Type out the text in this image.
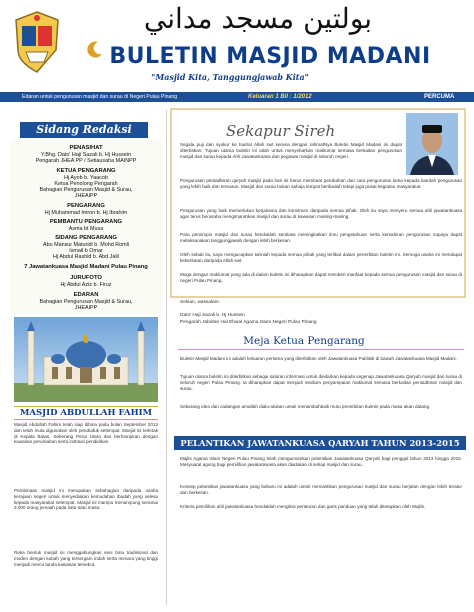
بولتين مسجد مداني
BULETIN MASJID MADANI
"Masjid Kita, Tanggungjawab Kita"
Edaran untuk pengurusan masjid dan surau di Negeri Pulau Pinang	Keluaran 1 Bil : 1/2012	PERCUMA
Sidang Redaksi
PENASIHAT
Y.Bhg. Dato' Haji Sazali b. Hj Hussein
Pengarah JHEA PP / Setiausaha MAINPP
KETUA PENGARANG
Hj Ayob b. Yaacob
Ketua Penolong Pengarah
Bahagian Pengurusan Masjid & Surau,
JHEAIPP
PENGARANG
Hj Muhammad Imron b. Hj Ibrahim
PEMBANTU PENGARANG
Asma bt Musa
SIDANG PENGARANG
Abu Mansur Maturidi b. Mohd Romli
Ismail b Omar
Hj Abdul Rashid b. Abd Jalil
7 Jawatankuasa Masjid Madani Pulau Pinang
JURUFOTO
Hj Abdul Aziz b. Firuz
EDARAN
Bahagian Pengurusan Masjid & Surau,
JHEAIPP
MASJID ABDULLAH FAHIM
Masjid Abdullah Fahim telah siap dibina pada bulan September 2012 dan telah mula digunakan oleh penduduk setempat. Masjid ini terletak di Kepala Batas, Seberang Perai Utara dan berhampiran dengan kawasan perumahan serta institusi pendidikan.
Pembinaan masjid ini merupakan sebahagian daripada usaha kerajaan negeri untuk menyediakan kemudahan ibadah yang selesa kepada masyarakat setempat. Masjid ini mampu menampung seramai 3,000 orang jemaah pada satu-satu masa.
Reka bentuk masjid ini menggabungkan seni bina tradisional dan moden dengan kubah yang tersergam indah serta menara yang tinggi menjadi mercu tanda kawasan tersebut.
Sekapur Sireh
Segala puji dan syukur ke hadrat Allah swt kerana dengan rahmatNya Buletin Masjid Madani ini dapat diterbitkan. Tujuan utama buletin ini ialah untuk menyebarkan maklumat semasa berkaitan pengurusan masjid dan surau kepada Ahli Jawatankuasa dan pegawai masjid di seluruh negeri.
Pengurusan pentadbiran qaryah masjid pada hari ini harus membuat perubahan dari cara pengurusan lama kepada kaedah pengurusan yang lebih baik dan tersusun. Masjid dan surau bukan sahaja tempat beribadah tetapi juga pusat kegiatan masyarakat.
Pengurusan yang baik memerlukan kerjasama dan komitmen daripada semua pihak. Oleh itu saya menyeru semua ahli jawatankuasa agar terus berusaha mengimarahkan masjid dan surau di kawasan masing-masing.
Para pemimpin masjid dan surau hendaklah sentiasa meningkatkan ilmu pengetahuan serta kemahiran pengurusan supaya dapat melaksanakan tanggungjawab dengan lebih berkesan.
Oleh sebab itu, saya mengucapkan tahniah kepada semua pihak yang terlibat dalam penerbitan buletin ini. Semoga usaha ini mendapat keberkatan daripada Allah swt.
Moga dengan maklumat yang ada di dalam buletin ini diharapkan dapat memberi manfaat kepada semua pengurusan masjid dan surau di negeri Pulau Pinang.
Sekian, wassalam.
Dato' Haji Sazali b. Hj Hussein
Pengarah Jabatan Hal Ehwal Agama Islam Negeri Pulau Pinang
Meja Ketua Pengarang
Buletin Masjid Madani ini adalah keluaran pertama yang diterbitkan oleh Jawatankuasa Publisiti di bawah Jawatankuasa Masjid Madani.
Tujuan utama buletin ini diterbitkan sebagai saluran informasi untuk diedarkan kepada segenap Jawatankuasa Qaryah masjid dan surau di seluruh negeri Pulau Pinang. Ia diharapkan dapat menjadi medium penyampaian maklumat semasa berkaitan pentadbiran masjid dan surau.
Sebarang idea dan cadangan amatlah dialu-alukan untuk menambahbaik mutu penerbitan buletin pada masa akan datang.
PELANTIKAN JAWATANKUASA QARYAH TAHUN 2013-2015
Majlis Agama Islam Negeri Pulau Pinang telah mengumumkan pelantikan Jawatankuasa Qaryah bagi penggal tahun 2013 hingga 2015. Mesyuarat agung bagi pemilihan jawatankuasa akan diadakan di setiap masjid dan surau.
Konsep pelantikan jawatankuasa yang baharu ini adalah untuk memastikan pengurusan masjid dan surau berjalan dengan lebih teratur dan berkesan.
Kriteria pemilihan ahli jawatankuasa hendaklah mengikut peraturan dan garis panduan yang telah ditetapkan oleh Majlis.
